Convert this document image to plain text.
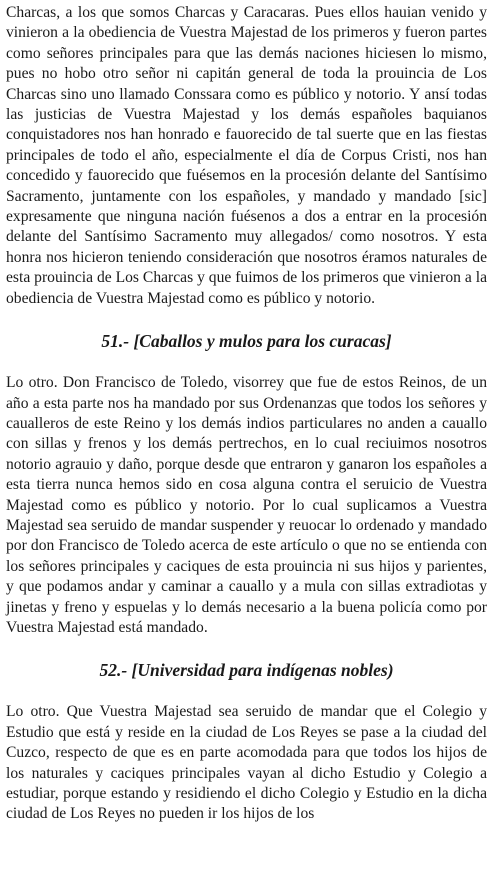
Charcas, a los que somos Charcas y Caracaras. Pues ellos hauian venido y vinieron a la obediencia de Vuestra Majestad de los primeros y fueron partes como señores principales para que las demás naciones hiciesen lo mismo, pues no hobo otro señor ni capitán general de toda la prouincia de Los Charcas sino uno llamado Conssara como es público y notorio. Y ansí todas las justicias de Vuestra Majestad y los demás españoles baquianos conquistadores nos han honrado e fauorecido de tal suerte que en las fiestas principales de todo el año, especialmente el día de Corpus Cristi, nos han concedido y fauorecido que fuésemos en la procesión delante del Santísimo Sacramento, juntamente con los españoles, y mandado y mandado [sic] expresamente que ninguna nación fuésenos a dos a entrar en la procesión delante del Santísimo Sacramento muy allegados/ como nosotros. Y esta honra nos hicieron teniendo consideración que nosotros éramos naturales de esta prouincia de Los Charcas y que fuimos de los primeros que vinieron a la obediencia de Vuestra Majestad como es público y notorio.

51.- [Caballos y mulos para los curacas]

Lo otro. Don Francisco de Toledo, visorrey que fue de estos Reinos, de un año a esta parte nos ha mandado por sus Ordenanzas que todos los señores y caualleros de este Reino y los demás indios particulares no anden a cauallo con sillas y frenos y los demás pertrechos, en lo cual reciuimos nosotros notorio agrauio y daño, porque desde que entraron y ganaron los españoles a esta tierra nunca hemos sido en cosa alguna contra el seruicio de Vuestra Majestad como es público y notorio. Por lo cual suplicamos a Vuestra Majestad sea seruido de mandar suspender y reuocar lo ordenado y mandado por don Francisco de Toledo acerca de este artículo o que no se entienda con los señores principales y caciques de esta prouincia ni sus hijos y parientes, y que podamos andar y caminar a cauallo y a mula con sillas extradiotas y jinetas y freno y espuelas y lo demás necesario a la buena policía como por Vuestra Majestad está mandado.

52.- [Universidad para indígenas nobles)

Lo otro. Que Vuestra Majestad sea seruido de mandar que el Colegio y Estudio que está y reside en la ciudad de Los Reyes se pase a la ciudad del Cuzco, respecto de que es en parte acomodada para que todos los hijos de los naturales y caciques principales vayan al dicho Estudio y Colegio a estudiar, porque estando y residiendo el dicho Colegio y Estudio en la dicha ciudad de Los Reyes no pueden ir los hijos de los
